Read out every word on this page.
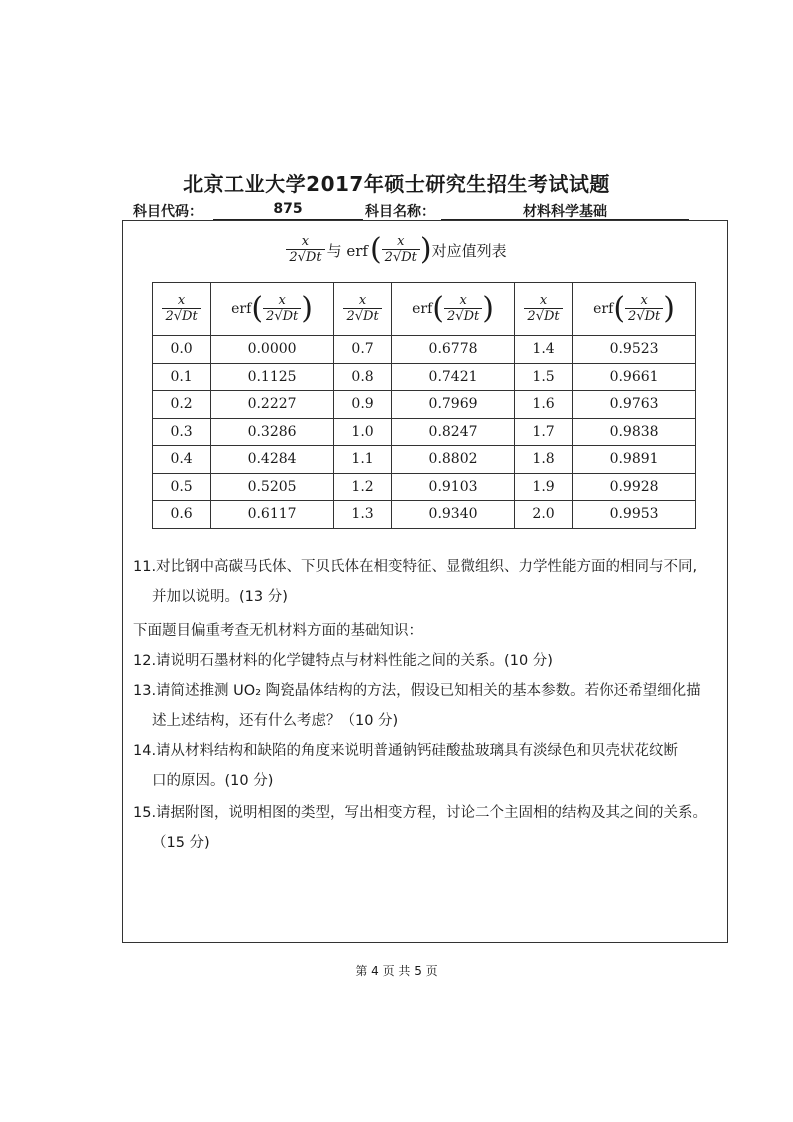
北京工业大学2017年硕士研究生招生考试试题
科目代码：	875	科目名称：	材料科学基础
$\frac{x}{2√Dt}$ 与 erf ( $\frac{x}{2√Dt}$ ) 对应值列表
$\frac{x}{2√Dt}$	$erf( \frac{x}{2√Dt}$ )	$\frac{x}{2√Dt}$	$erf( \frac{x}{2√Dt}$ )	$\frac{x}{2√Dt}$	$erf( \frac{x}{2√Dt}$ )
0.0	0.0000	0.7	0.6778	1.4	0.9523
0.1	0.1125	0.8	0.7421	1.5	0.9661
0.2	0.2227	0.9	0.7969	1.6	0.9763
0.3	0.3286	1.0	0.8247	1.7	0.9838
0.4	0.4284	1.1	0.8802	1.8	0.9891
0.5	0.5205	1.2	0.9103	1.9	0.9928
0.6	0.6117	1.3	0.9340	2.0	0.9953
11.对比钢中高碳马氏体、下贝氏体在相变特征、显微组织、力学性能方面的相同与不同,
并加以说明。(13 分)
下面题目偏重考查无机材料方面的基础知识：
12.请说明石墨材料的化学键特点与材料性能之间的关系。(10 分)
13.请简述推测 UO₂ 陶瓷晶体结构的方法，假设已知相关的基本参数。若你还希望细化描
述上述结构，还有什么考虑？（10 分)
14.请从材料结构和缺陷的角度来说明普通钠钙硅酸盐玻璃具有淡绿色和贝壳状花纹断
口的原因。(10 分)
15.请据附图，说明相图的类型，写出相变方程，讨论二个主固相的结构及其之间的关系。
（15 分)
第 4 页 共 5 页
